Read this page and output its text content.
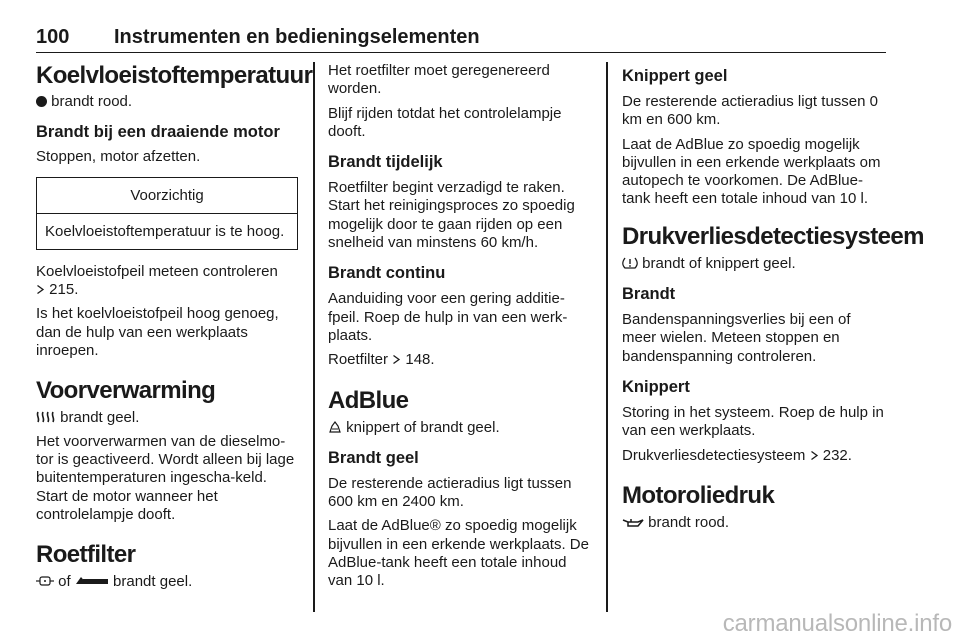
100 Instrumenten en bedieningselementen
Koelvloeistoftemperatuur
brandt rood.
Brandt bij een draaiende motor
Stoppen, motor afzetten.
Voorzichtig
Koelvloeistoftemperatuur is te hoog.
Koelvloeistofpeil meteen controleren
215.
Is het koelvloeistofpeil hoog genoeg, dan de hulp van een werkplaats inroepen.
Voorverwarming
brandt geel.
Het voorverwarmen van de dieselmo-tor is geactiveerd. Wordt alleen bij lage buitentemperaturen ingescha-keld. Start de motor wanneer het controlelampje dooft.
Roetfilter
of	brandt geel.
Het roetfilter moet geregenereerd worden.
Blijf rijden totdat het controlelampje dooft.
Brandt tijdelijk
Roetfilter begint verzadigd te raken. Start het reinigingsproces zo spoedig mogelijk door te gaan rijden op een snelheid van minstens 60 km/h.
Brandt continu
Aanduiding voor een gering additie-fpeil. Roep de hulp in van een werk-plaats.
Roetfilter 148.
AdBlue
knippert of brandt geel.
Brandt geel
De resterende actieradius ligt tussen 600 km en 2400 km.
Laat de AdBlue® zo spoedig mogelijk bijvullen in een erkende werkplaats. De AdBlue-tank heeft een totale inhoud van 10 l.
Knippert geel
De resterende actieradius ligt tussen 0 km en 600 km.
Laat de AdBlue zo spoedig mogelijk bijvullen in een erkende werkplaats om autopech te voorkomen. De AdBlue-tank heeft een totale inhoud van 10 l.
Drukverliesdetectiesysteem
brandt of knippert geel.
Brandt
Bandenspanningsverlies bij een of meer wielen. Meteen stoppen en bandenspanning controleren.
Knippert
Storing in het systeem. Roep de hulp in van een werkplaats.
Drukverliesdetectiesysteem 232.
Motoroliedruk
brandt rood.
carmanualsonline.info
